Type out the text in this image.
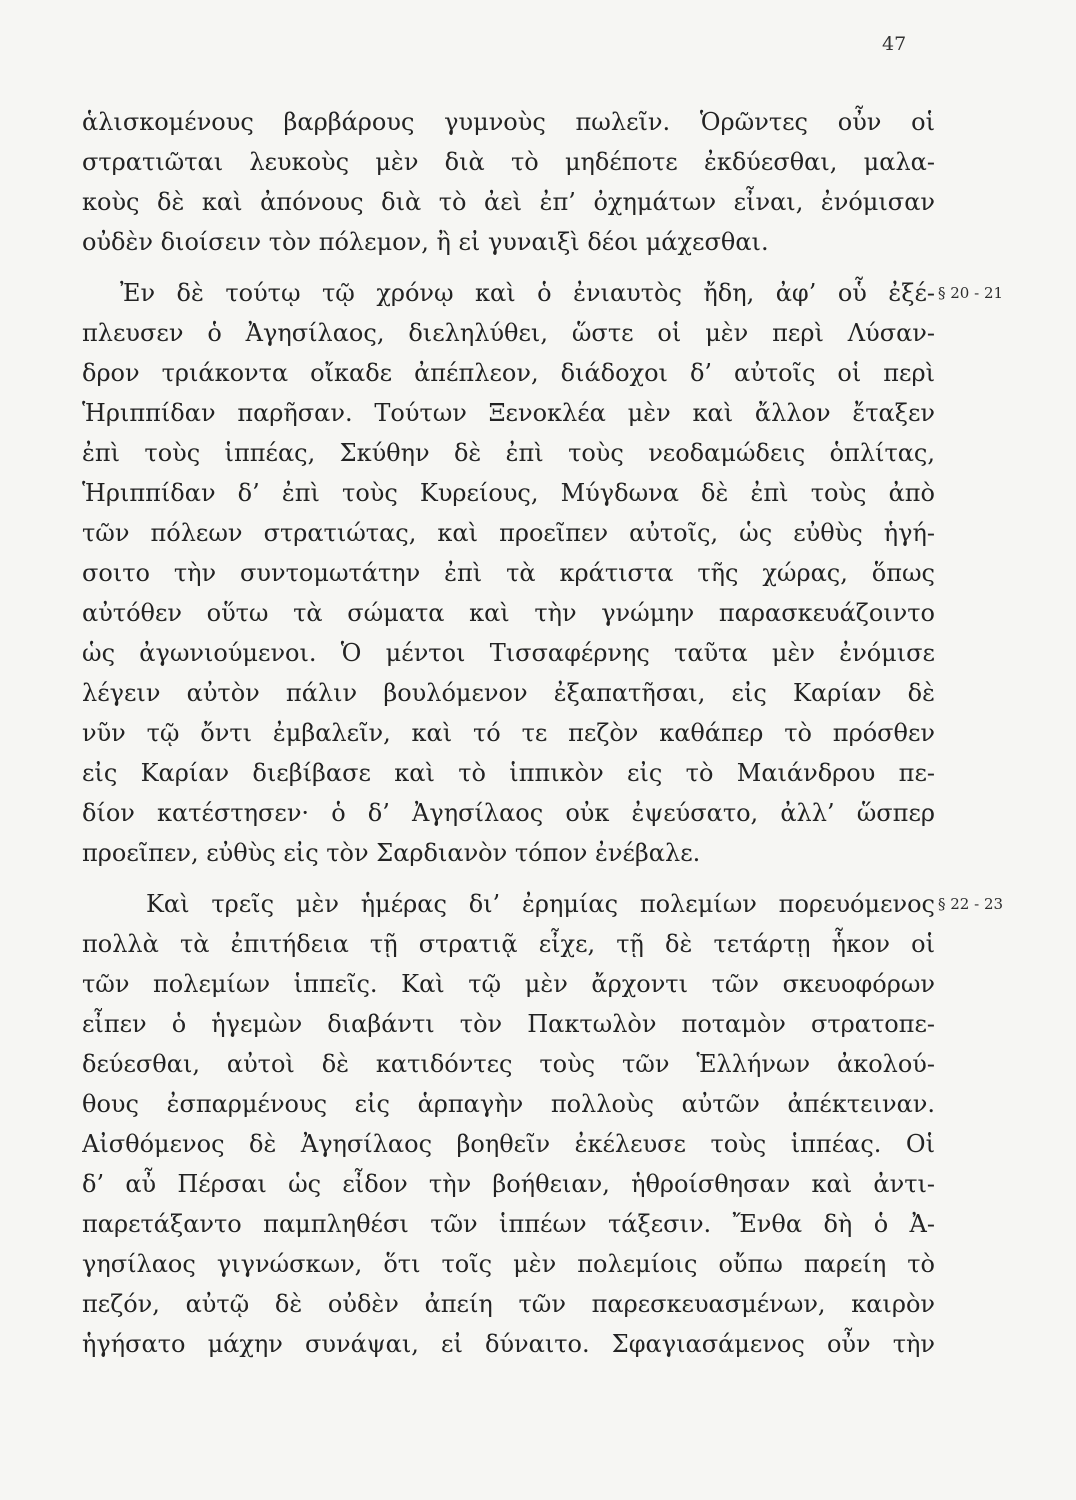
47
ἁλισκομένους βαρβάρους γυμνοὺς πωλεῖν. Ὁρῶντες οὖν οἱ
στρατιῶται λευκοὺς μὲν διὰ τὸ μηδέποτε ἐκδύεσθαι, μαλα-
κοὺς δὲ καὶ ἀπόνους διὰ τὸ ἀεὶ ἐπ’ ὀχημάτων εἶναι, ἐνόμισαν
οὐδὲν διοίσειν τὸν πόλεμον, ἢ εἰ γυναιξὶ δέοι μάχεσθαι.
Ἐν δὲ τούτῳ τῷ χρόνῳ καὶ ὁ ἐνιαυτὸς ἤδη, ἀφ’ οὗ ἐξέ-
πλευσεν ὁ Ἀγησίλαος, διεληλύθει, ὥστε οἱ μὲν περὶ Λύσαν-
δρον τριάκοντα οἴκαδε ἀπέπλεον, διάδοχοι δ’ αὐτοῖς οἱ περὶ
Ἡριππίδαν παρῆσαν. Τούτων Ξενοκλέα μὲν καὶ ἄλλον ἔταξεν
ἐπὶ τοὺς ἱππέας, Σκύθην δὲ ἐπὶ τοὺς νεοδαμώδεις ὁπλίτας,
Ἡριππίδαν δ’ ἐπὶ τοὺς Κυρείους, Μύγδωνα δὲ ἐπὶ τοὺς ἀπὸ
τῶν πόλεων στρατιώτας, καὶ προεῖπεν αὐτοῖς, ὡς εὐθὺς ἡγή-
σοιτο τὴν συντομωτάτην ἐπὶ τὰ κράτιστα τῆς χώρας, ὅπως
αὐτόθεν οὕτω τὰ σώματα καὶ τὴν γνώμην παρασκευάζοιντο
ὡς ἀγωνιούμενοι. Ὁ μέντοι Τισσαφέρνης ταῦτα μὲν ἐνόμισε
λέγειν αὐτὸν πάλιν βουλόμενον ἐξαπατῆσαι, εἰς Καρίαν δὲ
νῦν τῷ ὄντι ἐμβαλεῖν, καὶ τό τε πεζὸν καθάπερ τὸ πρόσθεν
εἰς Καρίαν διεβίβασε καὶ τὸ ἱππικὸν εἰς τὸ Μαιάνδρου πε-
δίον κατέστησεν· ὁ δ’ Ἀγησίλαος οὐκ ἐψεύσατο, ἀλλ’ ὥσπερ
προεῖπεν, εὐθὺς εἰς τὸν Σαρδιανὸν τόπον ἐνέβαλε.
§ 20 - 21
Καὶ τρεῖς μὲν ἡμέρας δι’ ἐρημίας πολεμίων πορευόμενος
πολλὰ τὰ ἐπιτήδεια τῇ στρατιᾷ εἶχε, τῇ δὲ τετάρτῃ ἧκον οἱ
τῶν πολεμίων ἱππεῖς. Καὶ τῷ μὲν ἄρχοντι τῶν σκευοφόρων
εἶπεν ὁ ἡγεμὼν διαβάντι τὸν Πακτωλὸν ποταμὸν στρατοπε-
δεύεσθαι, αὐτοὶ δὲ κατιδόντες τοὺς τῶν Ἑλλήνων ἀκολού-
θους ἐσπαρμένους εἰς ἁρπαγὴν πολλοὺς αὐτῶν ἀπέκτειναν.
Αἰσθόμενος δὲ Ἀγησίλαος βοηθεῖν ἐκέλευσε τοὺς ἱππέας. Οἱ
δ’ αὖ Πέρσαι ὡς εἶδον τὴν βοήθειαν, ἡθροίσθησαν καὶ ἀντι-
παρετάξαντο παμπληθέσι τῶν ἱππέων τάξεσιν. Ἔνθα δὴ ὁ Ἀ-
γησίλαος γιγνώσκων, ὅτι τοῖς μὲν πολεμίοις οὔπω παρείη τὸ
πεζόν, αὐτῷ δὲ οὐδὲν ἀπείη τῶν παρεσκευασμένων, καιρὸν
ἡγήσατο μάχην συνάψαι, εἰ δύναιτο. Σφαγιασάμενος οὖν τὴν
§ 22 - 23
